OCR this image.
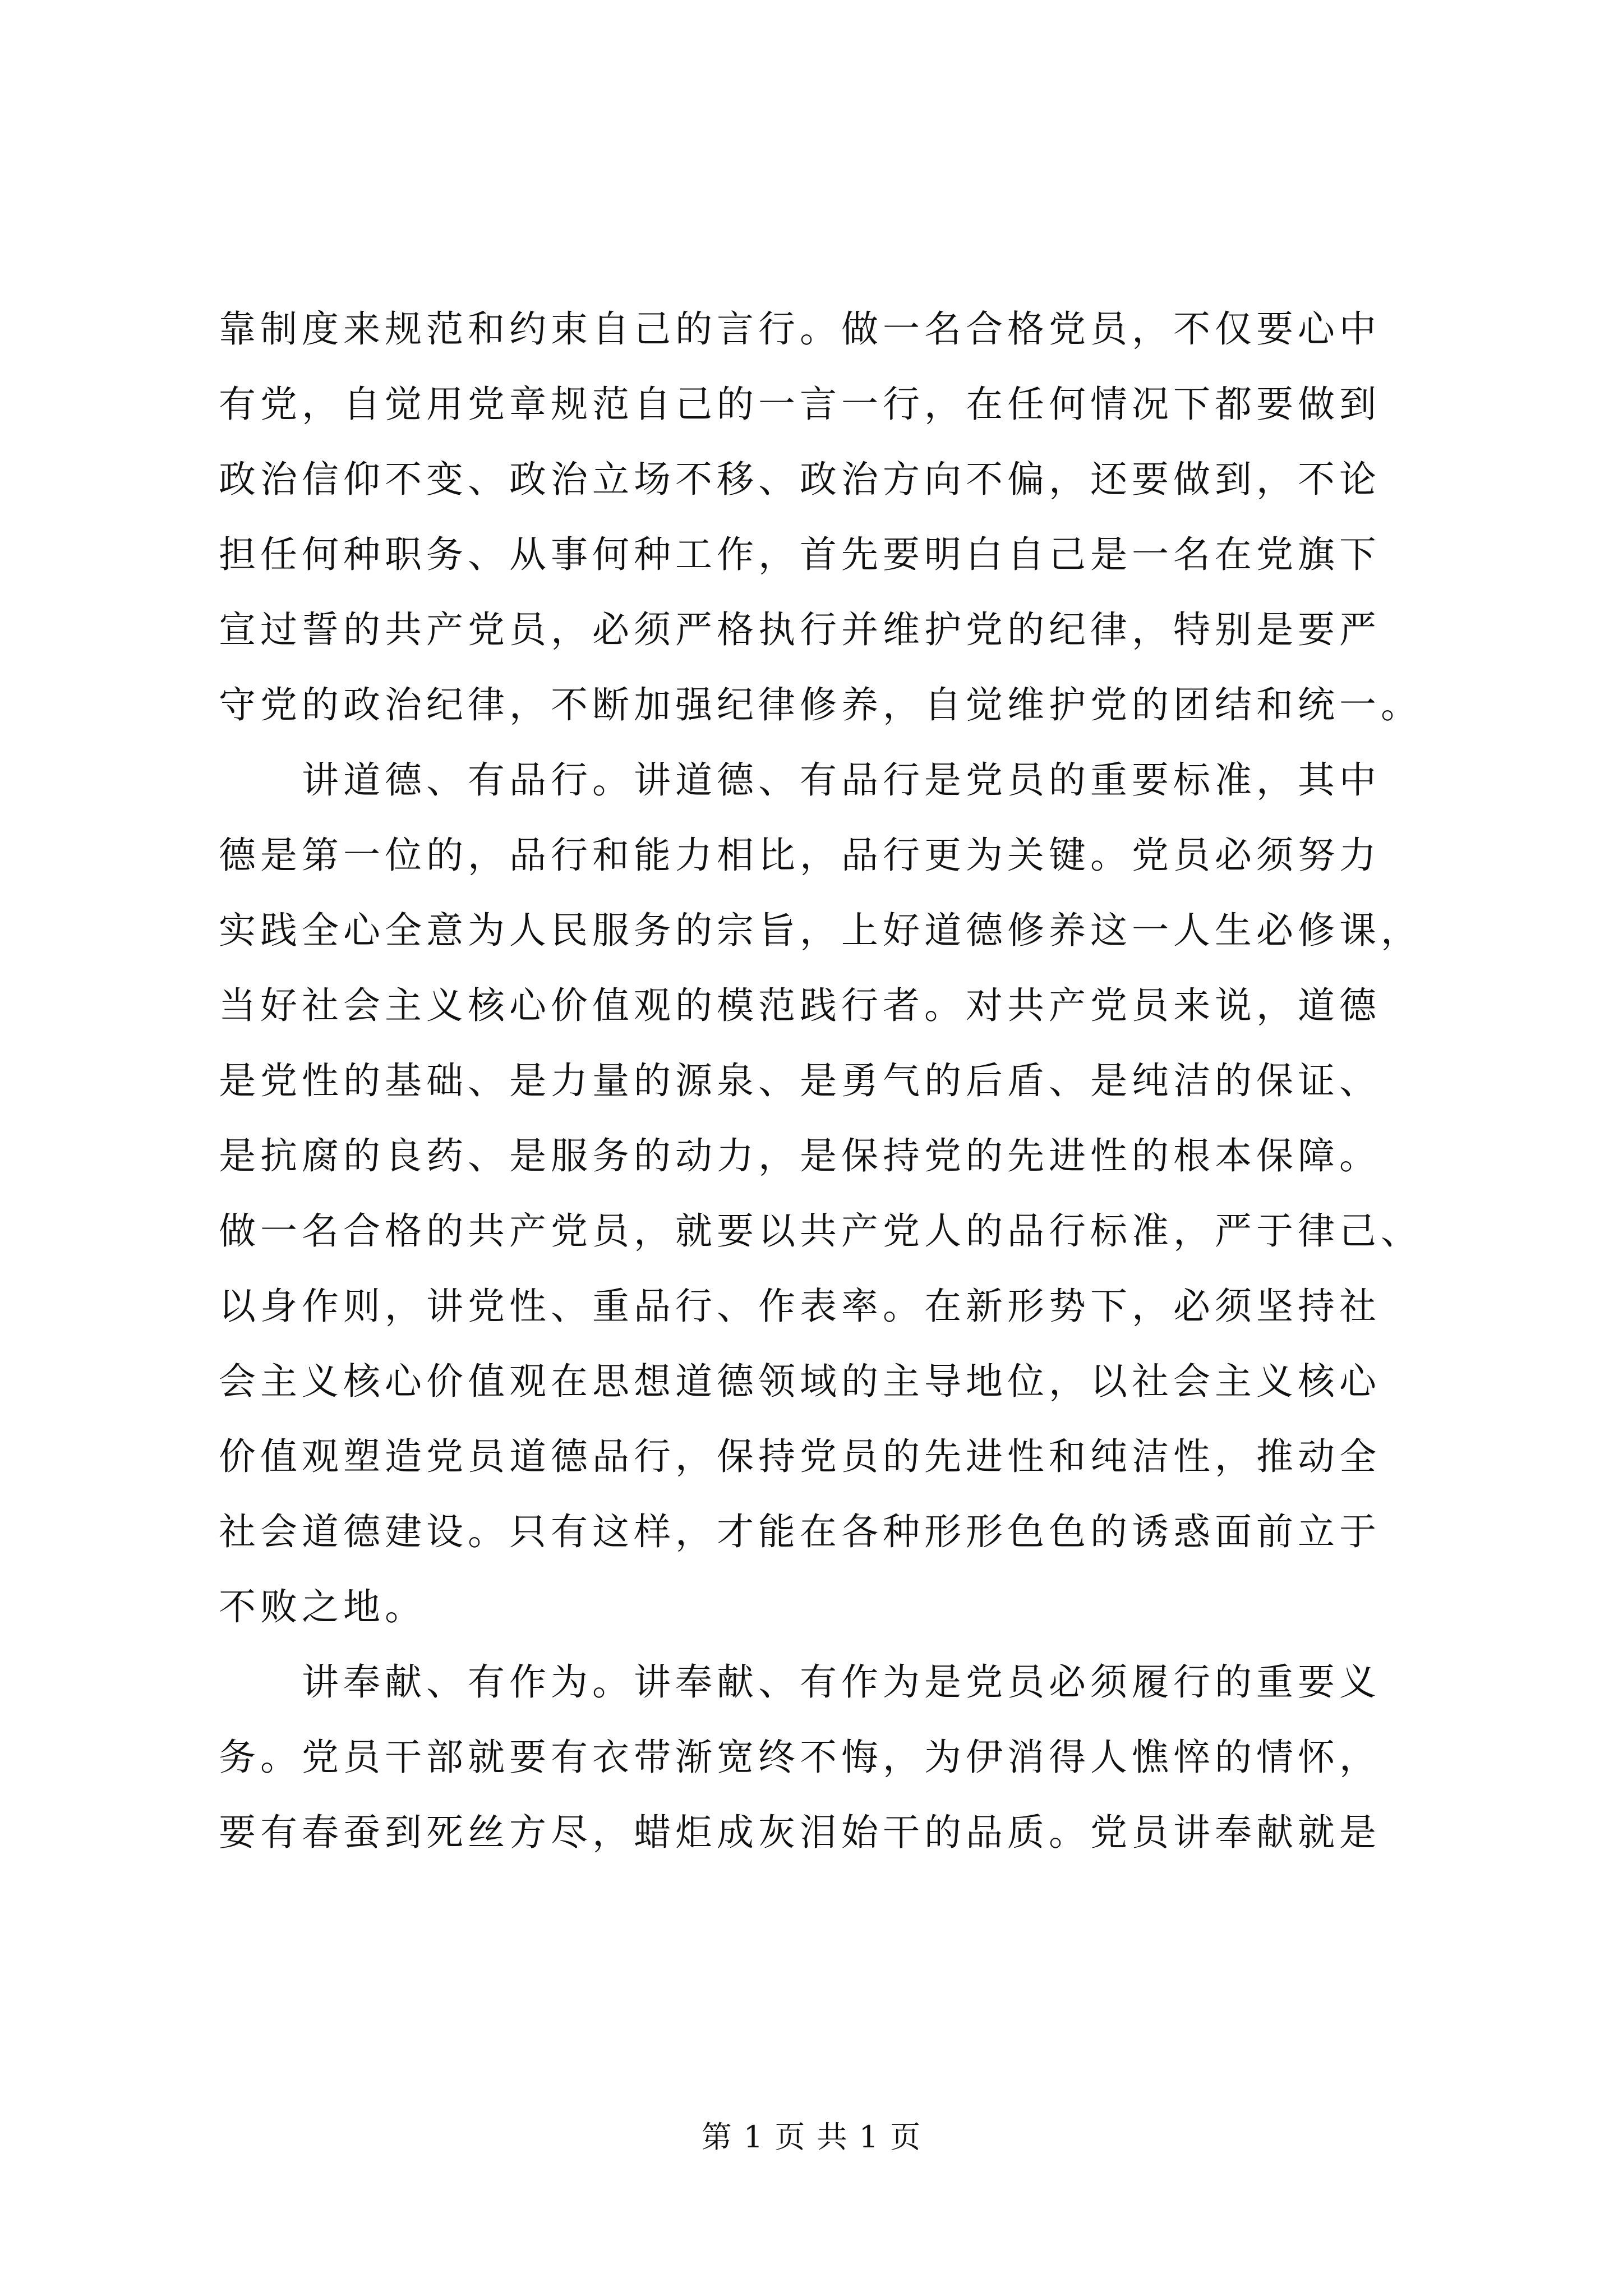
靠制度来规范和约束自己的言行。做一名合格党员，不仅要心中
有党，自觉用党章规范自己的一言一行，在任何情况下都要做到
政治信仰不变、政治立场不移、政治方向不偏，还要做到，不论
担任何种职务、从事何种工作，首先要明白自己是一名在党旗下
宣过誓的共产党员，必须严格执行并维护党的纪律，特别是要严
守党的政治纪律，不断加强纪律修养，自觉维护党的团结和统一。
讲道德、有品行。讲道德、有品行是党员的重要标准，其中
德是第一位的，品行和能力相比，品行更为关键。党员必须努力
实践全心全意为人民服务的宗旨，上好道德修养这一人生必修课，
当好社会主义核心价值观的模范践行者。对共产党员来说，道德
是党性的基础、是力量的源泉、是勇气的后盾、是纯洁的保证、
是抗腐的良药、是服务的动力，是保持党的先进性的根本保障。
做一名合格的共产党员，就要以共产党人的品行标准，严于律己、
以身作则，讲党性、重品行、作表率。在新形势下，必须坚持社
会主义核心价值观在思想道德领域的主导地位，以社会主义核心
价值观塑造党员道德品行，保持党员的先进性和纯洁性，推动全
社会道德建设。只有这样，才能在各种形形色色的诱惑面前立于
不败之地。
讲奉献、有作为。讲奉献、有作为是党员必须履行的重要义
务。党员干部就要有衣带渐宽终不悔，为伊消得人憔悴的情怀，
要有春蚕到死丝方尽，蜡炬成灰泪始干的品质。党员讲奉献就是
第 1 页 共 1 页
